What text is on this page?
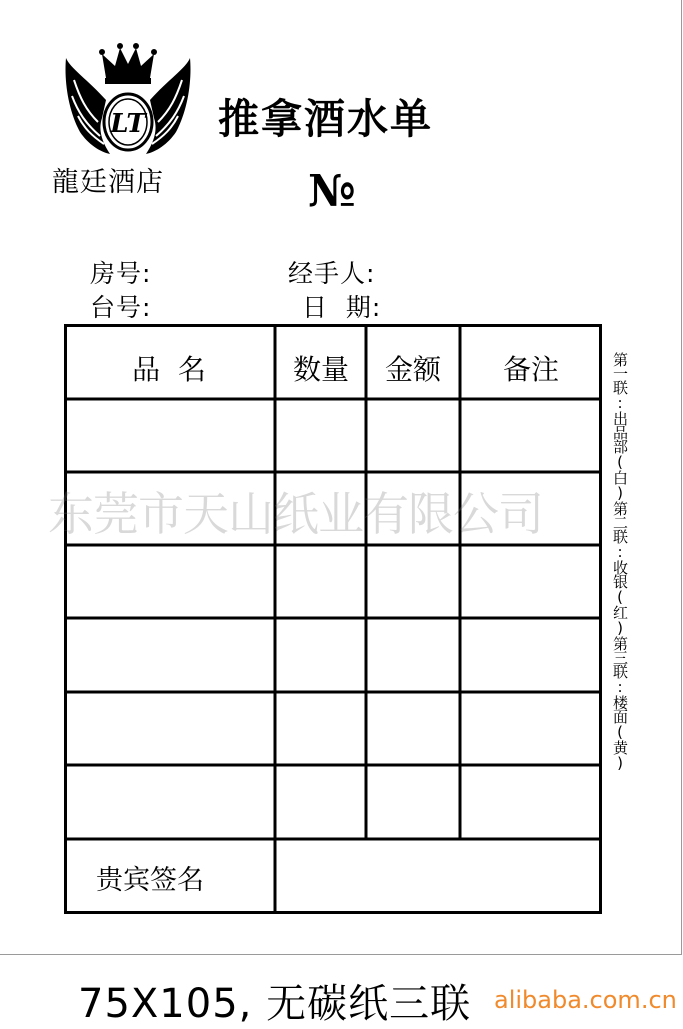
LT
龍廷酒店
推拿酒水单
№
房号:
台号:
经手人:
日  期:
品  名	数量	金额	备注
贵宾签名
第一联:出品部(白)第二联:收银(红)第三联:楼面(黄)
东莞市天山纸业有限公司
75X105, 无碳纸三联 alibaba.com.cn
